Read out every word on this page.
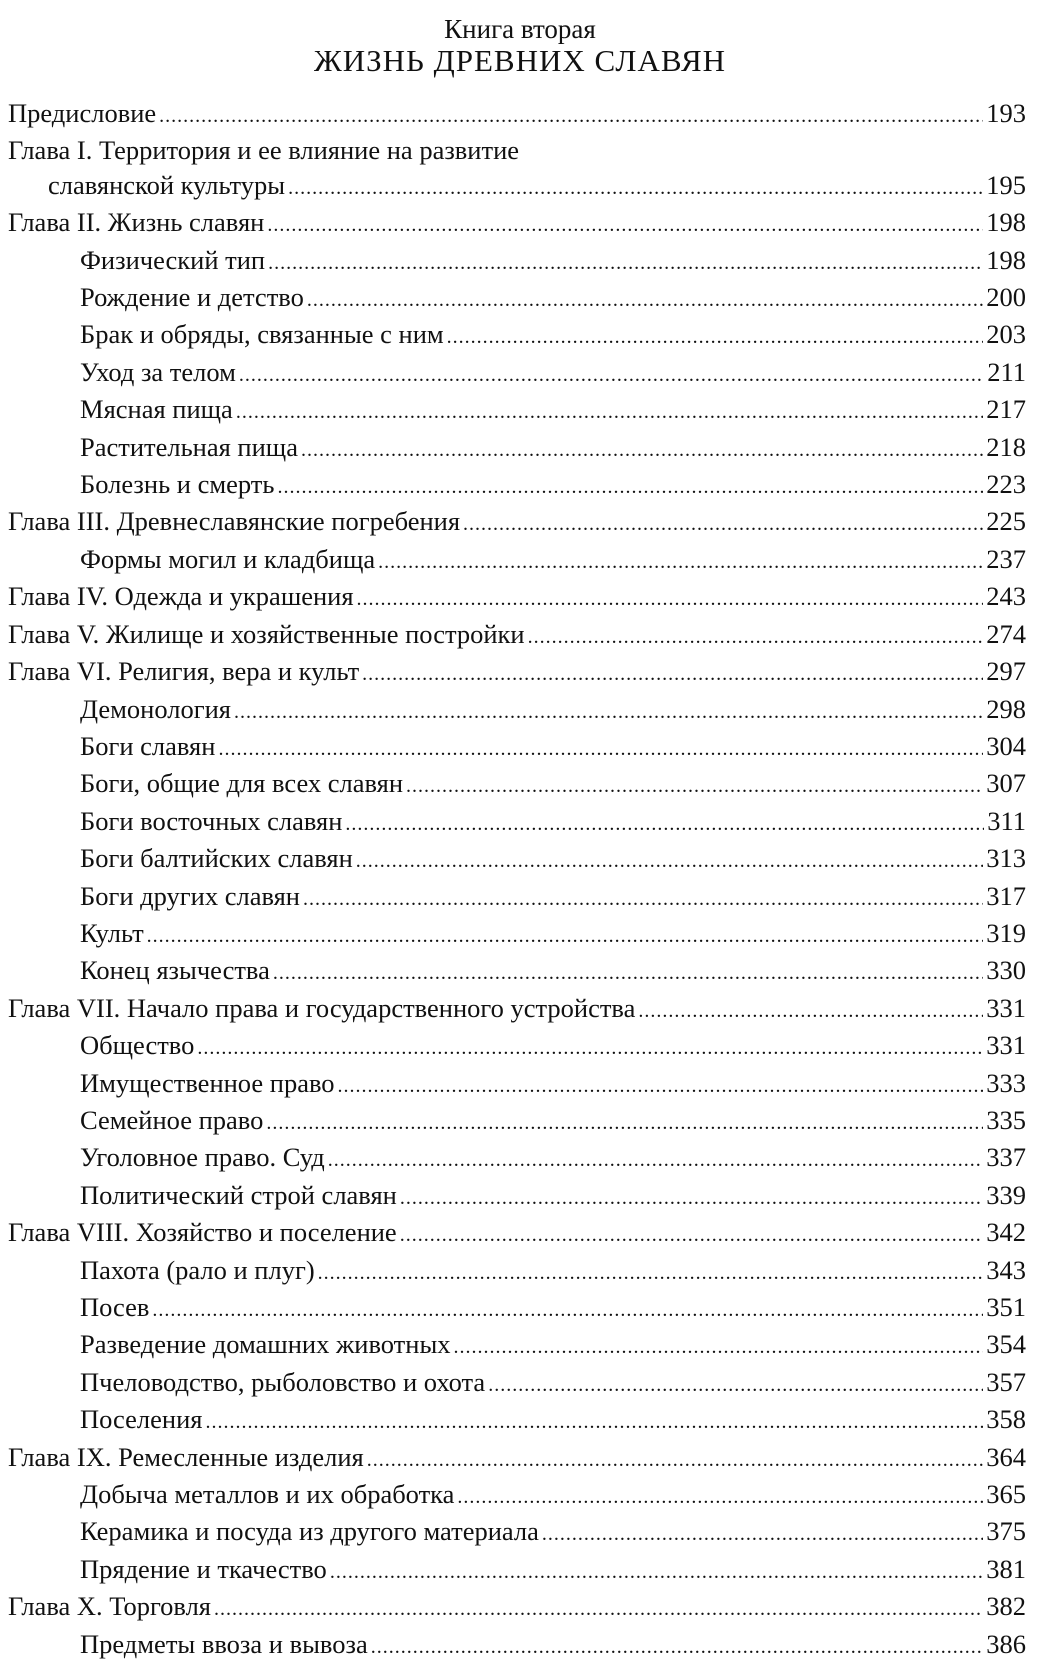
Книга вторая
ЖИЗНЬ ДРЕВНИХ СЛАВЯН
Предисловие .....	193
Глава I. Территория и ее влияние на развитие
славянской культуры .....	195
Глава II. Жизнь славян .....	198
Физический тип .....	198
Рождение и детство .....	200
Брак и обряды, связанные с ним .....	203
Уход за телом .....	211
Мясная пища .....	217
Растительная пища .....	218
Болезнь и смерть .....	223
Глава III. Древнеславянские погребения .....	225
Формы могил и кладбища .....	237
Глава IV. Одежда и украшения .....	243
Глава V. Жилище и хозяйственные постройки .....	274
Глава VI. Религия, вера и культ .....	297
Демонология .....	298
Боги славян .....	304
Боги, общие для всех славян .....	307
Боги восточных славян .....	311
Боги балтийских славян .....	313
Боги других славян .....	317
Культ .....	319
Конец язычества .....	330
Глава VII. Начало права и государственного устройства .....	331
Общество .....	331
Имущественное право .....	333
Семейное право .....	335
Уголовное право. Суд .....	337
Политический строй славян .....	339
Глава VIII. Хозяйство и поселение .....	342
Пахота (рало и плуг) .....	343
Посев .....	351
Разведение домашних животных .....	354
Пчеловодство, рыболовство и охота .....	357
Поселения .....	358
Глава IX. Ремесленные изделия .....	364
Добыча металлов и их обработка .....	365
Керамика и посуда из другого материала .....	375
Прядение и ткачество .....	381
Глава X. Торговля .....	382
Предметы ввоза и вывоза .....	386
